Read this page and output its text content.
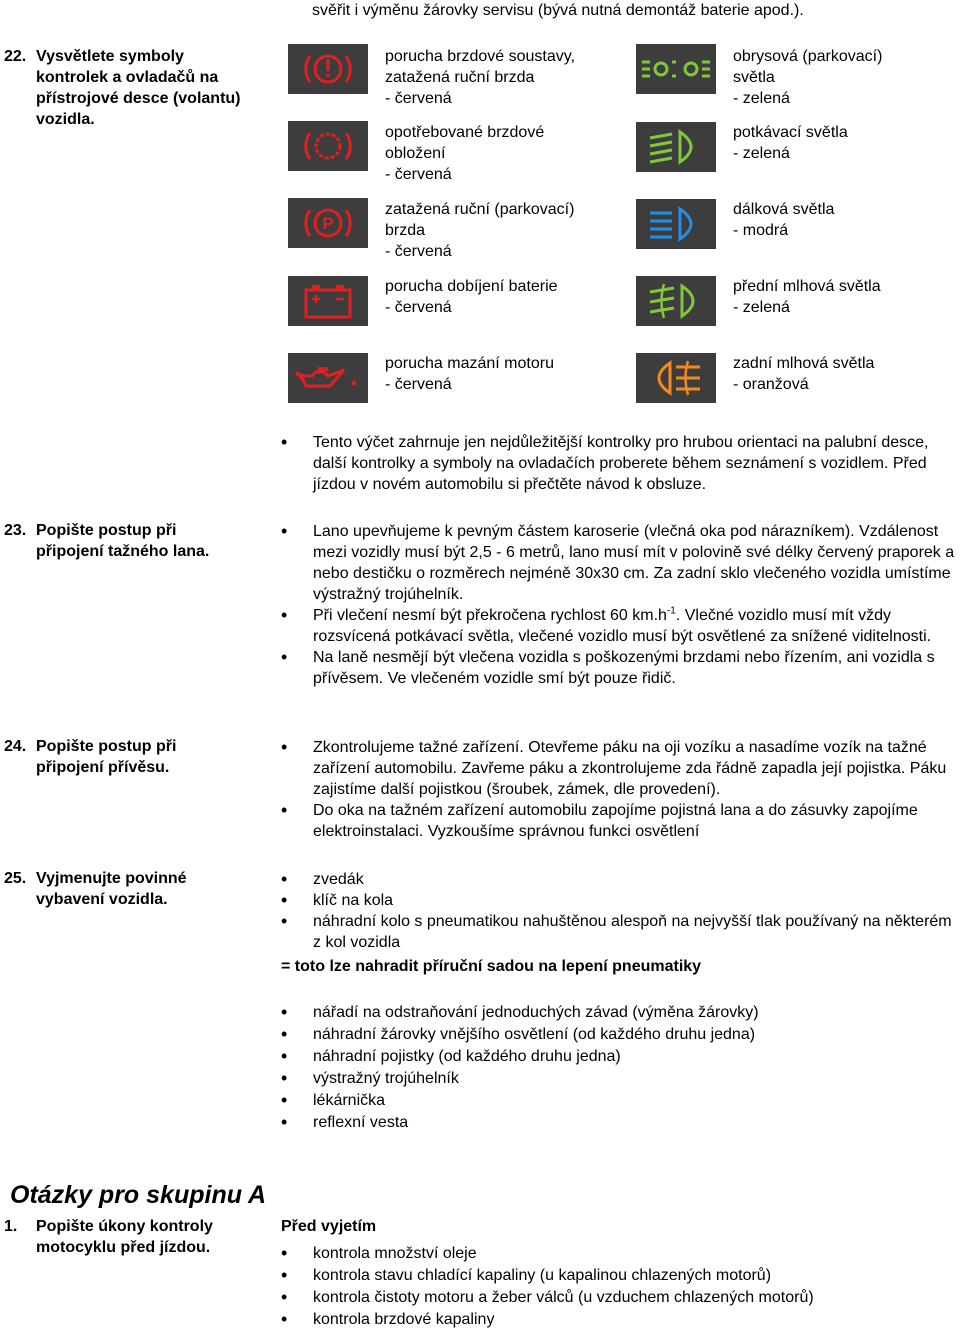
svěřit i výměnu žárovky servisu (bývá nutná demontáž baterie apod.).
22. Vysvětlete symboly
kontrolek a ovladačů na
přístrojové desce (volantu)
vozidla.
porucha brzdové soustavy,
zatažená ruční brzda
- červená
opotřebované brzdové
obložení
- červená
P
zatažená ruční (parkovací)
brzda
- červená
porucha dobíjení baterie
- červená
porucha mazání motoru
- červená
obrysová (parkovací)
světla
- zelená
potkávací světla
- zelená
dálková světla
- modrá
přední mlhová světla
- zelená
zadní mlhová světla
- oranžová
• Tento výčet zahrnuje jen nejdůležitější kontrolky pro hrubou orientaci na palubní desce, další kontrolky a symboly na ovladačích proberete během seznámení s vozidlem. Před jízdou v novém automobilu si přečtěte návod k obsluze.
23. Popište postup při
připojení tažného lana.
• Lano upevňujeme k pevným částem karoserie (vlečná oka pod nárazníkem). Vzdálenost mezi vozidly musí být 2,5 - 6 metrů, lano musí mít v polovině své délky červený praporek a nebo destičku o rozměrech nejméně 30x30 cm. Za zadní sklo vlečeného vozidla umístíme výstražný trojúhelník.
• Při vlečení nesmí být překročena rychlost 60 $km.h^{-1}$. Vlečné vozidlo musí mít vždy rozsvícená potkávací světla, vlečené vozidlo musí být osvětlené za snížené viditelnosti.
• Na laně nesmějí být vlečena vozidla s poškozenými brzdami nebo řízením, ani vozidla s přívěsem. Ve vlečeném vozidle smí být pouze řidič.
24. Popište postup při
připojení přívěsu.
• Zkontrolujeme tažné zařízení. Otevřeme páku na oji vozíku a nasadíme vozík na tažné zařízení automobilu. Zavřeme páku a zkontrolujeme zda řádně zapadla její pojistka. Páku zajistíme další pojistkou (šroubek, zámek, dle provedení).
• Do oka na tažném zařízení automobilu zapojíme pojistná lana a do zásuvky zapojíme elektroinstalaci. Vyzkoušíme správnou funkci osvětlení
25. Vyjmenujte povinné
vybavení vozidla.
• zvedák
• klíč na kola
• náhradní kolo s pneumatikou nahuštěnou alespoň na nejvyšší tlak používaný na některém z kol vozidla
= toto lze nahradit příruční sadou na lepení pneumatiky
• nářadí na odstraňování jednoduchých závad (výměna žárovky)
• náhradní žárovky vnějšího osvětlení (od každého druhu jedna)
• náhradní pojistky (od každého druhu jedna)
• výstražný trojúhelník
• lékárnička
• reflexní vesta
Otázky pro skupinu A
1.	Popište úkony kontroly
motocyklu před jízdou.
Před vyjetím
• kontrola množství oleje
• kontrola stavu chladící kapaliny (u kapalinou chlazených motorů)
• kontrola čistoty motoru a žeber válců (u vzduchem chlazených motorů)
• kontrola brzdové kapaliny
